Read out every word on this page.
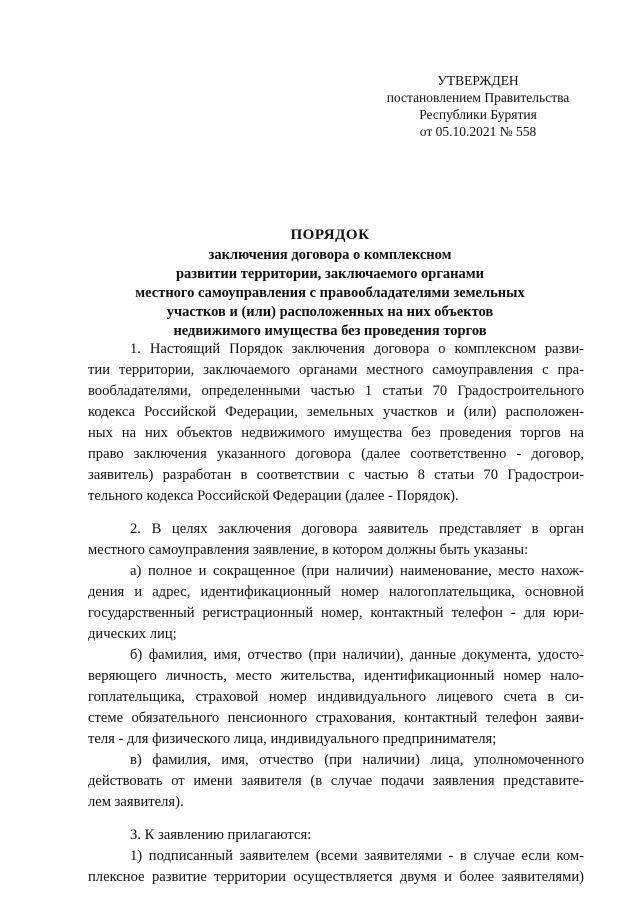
УТВЕРЖДЕН
постановлением Правительства
Республики Бурятия
от 05.10.2021 № 558
ПОРЯДОК
заключения договора о комплексном
развитии территории, заключаемого органами
местного самоуправления с правообладателями земельных
участков и (или) расположенных на них объектов
недвижимого имущества без проведения торгов
1. Настоящий Порядок заключения договора о комплексном разви-
тии территории, заключаемого органами местного самоуправления с пра-
вообладателями, определенными частью 1 статьи 70 Градостроительного
кодекса Российской Федерации, земельных участков и (или) расположен-
ных на них объектов недвижимого имущества без проведения торгов на
право заключения указанного договора (далее соответственно - договор,
заявитель) разработан в соответствии с частью 8 статьи 70 Градострои-
тельного кодекса Российской Федерации (далее - Порядок).
2. В целях заключения договора заявитель представляет в орган
местного самоуправления заявление, в котором должны быть указаны:
а) полное и сокращенное (при наличии) наименование, место нахож-
дения и адрес, идентификационный номер налогоплательщика, основной
государственный регистрационный номер, контактный телефон - для юри-
дических лиц;
б) фамилия, имя, отчество (при наличии), данные документа, удосто-
веряющего личность, место жительства, идентификационный номер нало-
гоплательщика, страховой номер индивидуального лицевого счета в си-
стеме обязательного пенсионного страхования, контактный телефон заяви-
теля - для физического лица, индивидуального предпринимателя;
в) фамилия, имя, отчество (при наличии) лица, уполномоченного
действовать от имени заявителя (в случае подачи заявления представите-
лем заявителя).
3. К заявлению прилагаются:
1) подписанный заявителем (всеми заявителями - в случае если ком-
плексное развитие территории осуществляется двумя и более заявителями)
